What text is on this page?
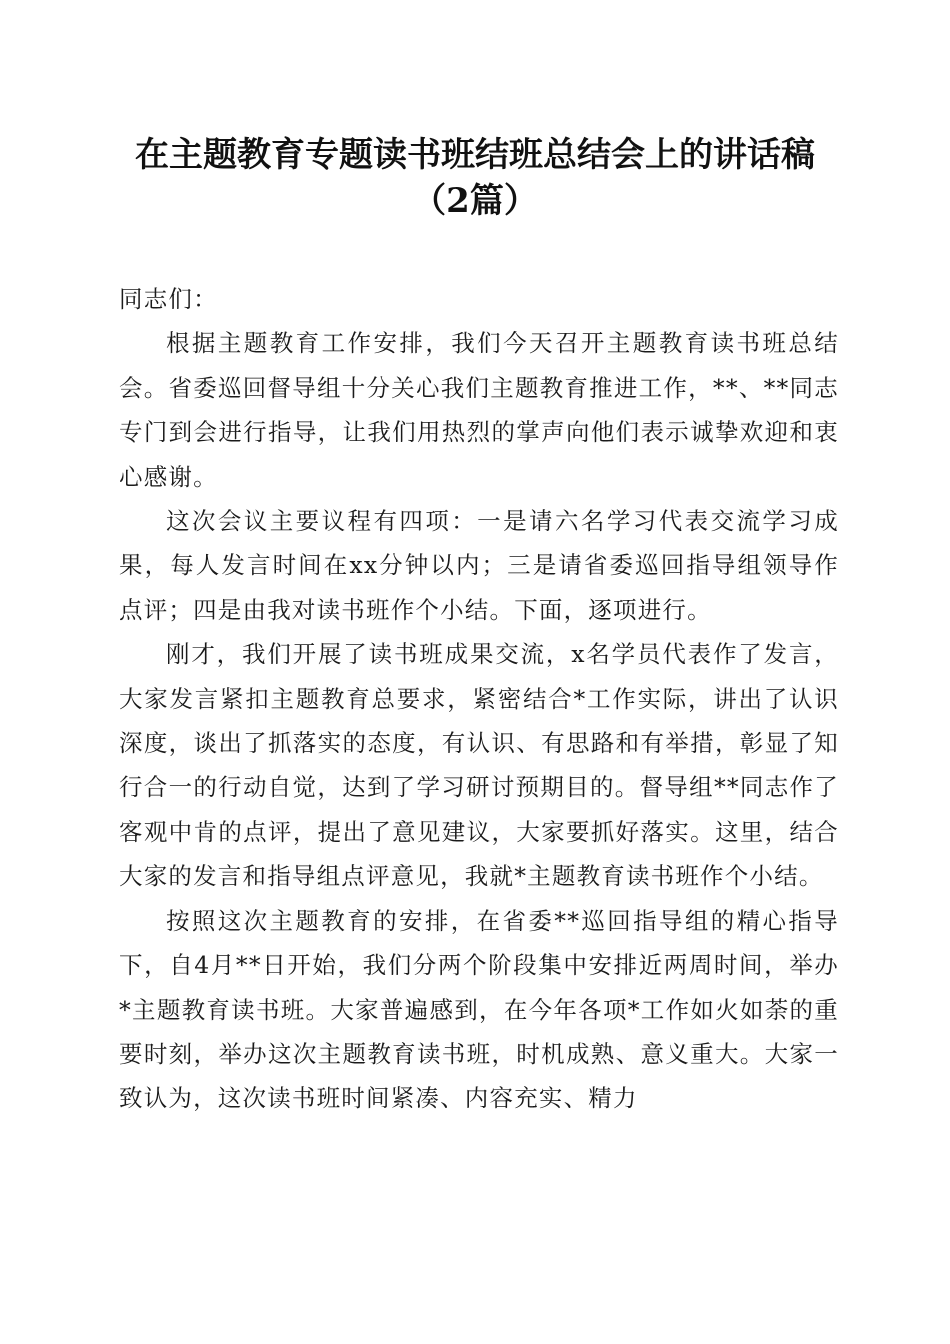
在主题教育专题读书班结班总结会上的讲话稿

（2篇）

同志们：

根据主题教育工作安排，我们今天召开主题教育读书班总结会。省委巡回督导组十分关心我们主题教育推进工作，**、**同志专门到会进行指导，让我们用热烈的掌声向他们表示诚挚欢迎和衷心感谢。

这次会议主要议程有四项：一是请六名学习代表交流学习成果，每人发言时间在xx分钟以内；三是请省委巡回指导组领导作点评；四是由我对读书班作个小结。下面，逐项进行。

刚才，我们开展了读书班成果交流，x名学员代表作了发言，大家发言紧扣主题教育总要求，紧密结合*工作实际，讲出了认识深度，谈出了抓落实的态度，有认识、有思路和有举措，彰显了知行合一的行动自觉，达到了学习研讨预期目的。督导组**同志作了客观中肯的点评，提出了意见建议，大家要抓好落实。这里，结合大家的发言和指导组点评意见，我就*主题教育读书班作个小结。

按照这次主题教育的安排，在省委**巡回指导组的精心指导下，自4月**日开始，我们分两个阶段集中安排近两周时间，举办*主题教育读书班。大家普遍感到，在今年各项*工作如火如荼的重要时刻，举办这次主题教育读书班，时机成熟、意义重大。大家一致认为，这次读书班时间紧凑、内容充实、精力
